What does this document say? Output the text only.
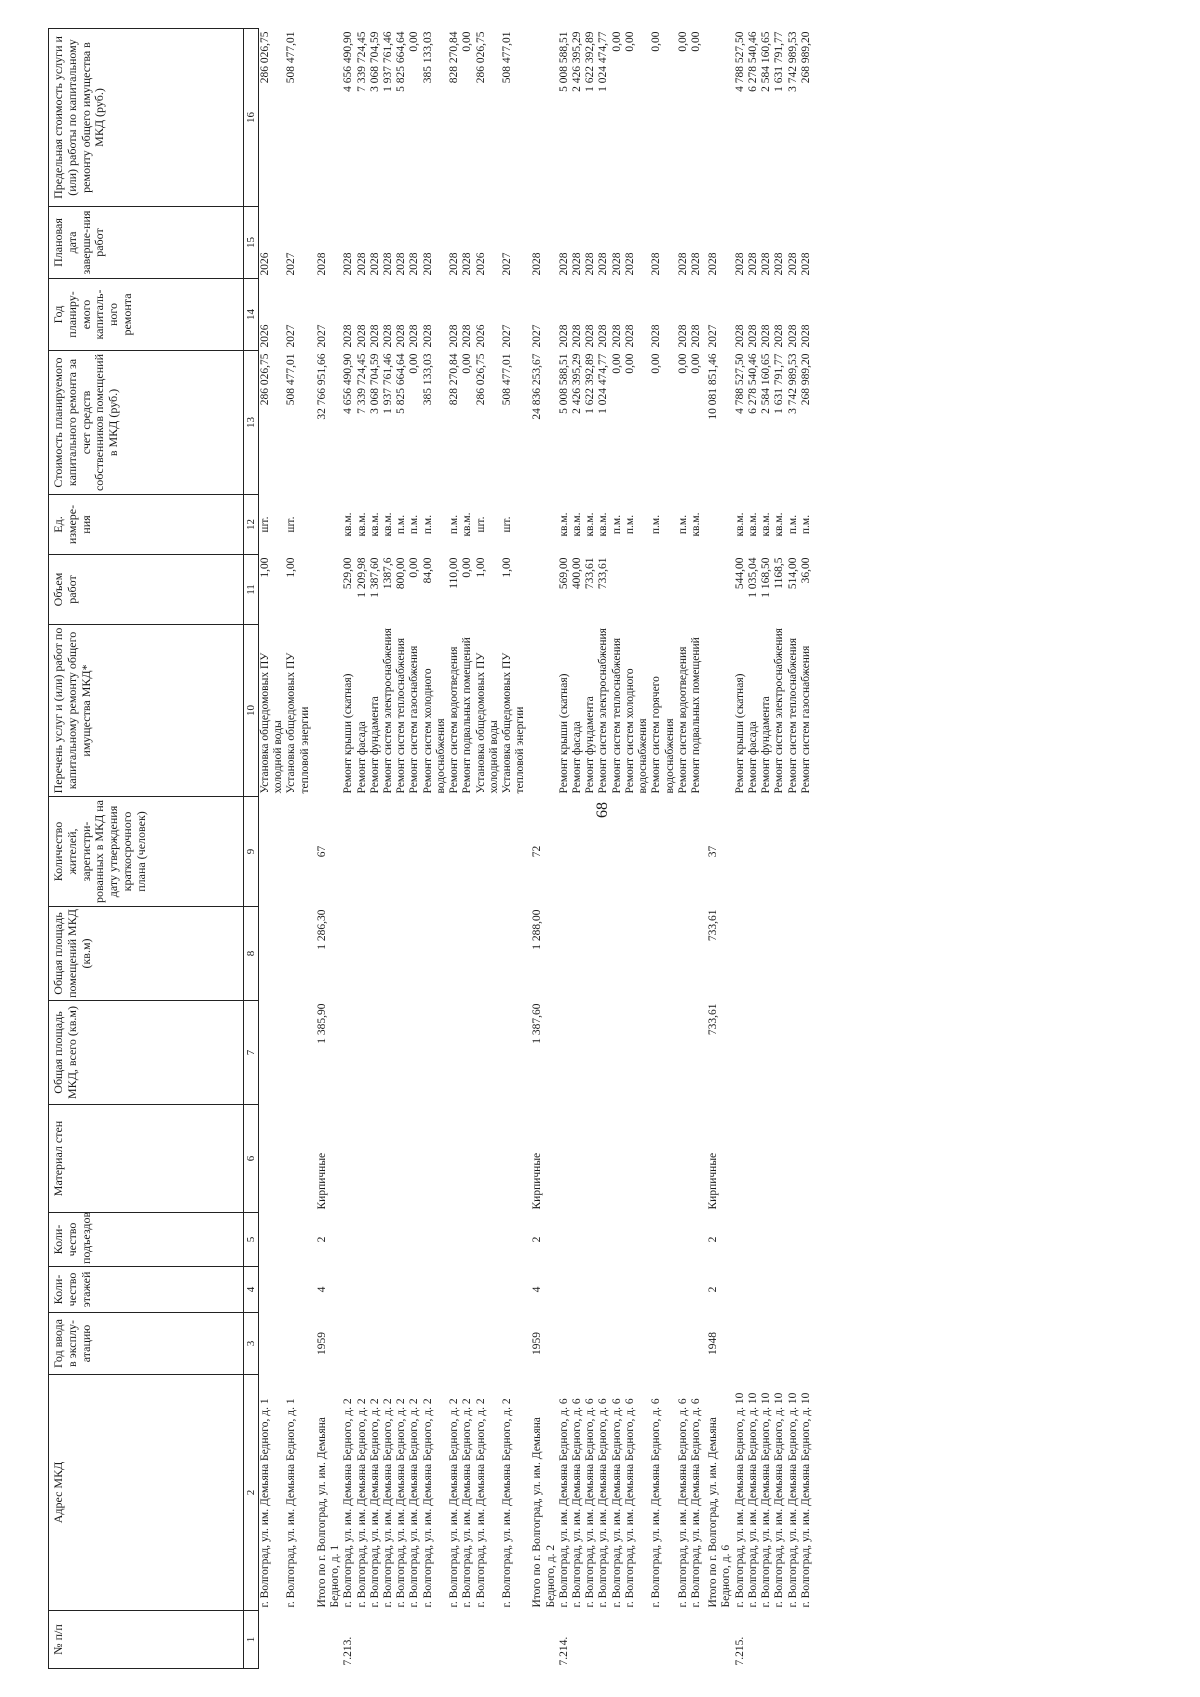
68
№ п/п	Адрес МКД	Год ввода в эксплу-атацию	Коли-чество этажей	Коли-чество подъездов	Материал стен	Общая площадь МКД, всего (кв.м)	Общая площадь помещений МКД (кв.м)	Количество жителей, зарегистри-рованных в МКД на дату утверждения краткосрочного плана (человек)	Перечень услуг и (или) работ по капитальному ремонту общего имущества МКД*	Объем работ	Ед. измере-ния	Стоимость планируемого капитального ремонта за счет средств собственников помещений в МКД (руб.)	Год планиру-емого капиталь-ного ремонта	Плановая дата заверше-ния работ	Предельная стоимость услуги и (или) работы по капитальному ремонту общего имущества в МКД (руб.)
1	2	3	4	5	6	7	8	9	10	11	12	13	14	15	16
	г. Волгоград, ул. им. Демьяна Бедного, д. 1								Установка общедомовых ПУ холодной воды	1,00	шт.	286 026,75	2026	2026	286 026,75
	г. Волгоград, ул. им. Демьяна Бедного, д. 1								Установка общедомовых ПУ тепловой энергии	1,00	шт.	508 477,01	2027	2027	508 477,01
	Итого по г. Волгоград, ул. им. Демьяна Бедного, д. 1	1959	4	2	Кирпичные	1 385,90	1 286,30	67				32 766 951,66	2027	2028	
7.213.	г. Волгоград, ул. им. Демьяна Бедного, д. 2								Ремонт крыши (скатная)	529,00	кв.м.	4 656 490,90	2028	2028	4 656 490,90
	г. Волгоград, ул. им. Демьяна Бедного, д. 2								Ремонт фасада	1 209,98	кв.м.	7 339 724,45	2028	2028	7 339 724,45
	г. Волгоград, ул. им. Демьяна Бедного, д. 2								Ремонт фундамента	1 387,60	кв.м.	3 068 704,59	2028	2028	3 068 704,59
	г. Волгоград, ул. им. Демьяна Бедного, д. 2								Ремонт систем электроснабжения	1387,6	кв.м.	1 937 761,46	2028	2028	1 937 761,46
	г. Волгоград, ул. им. Демьяна Бедного, д. 2								Ремонт систем теплоснабжения	800,00	п.м.	5 825 664,64	2028	2028	5 825 664,64
	г. Волгоград, ул. им. Демьяна Бедного, д. 2								Ремонт систем газоснабжения	0,00	п.м.	0,00	2028	2028	0,00
	г. Волгоград, ул. им. Демьяна Бедного, д. 2								Ремонт систем холодного водоснабжения	84,00	п.м.	385 133,03	2028	2028	385 133,03
	г. Волгоград, ул. им. Демьяна Бедного, д. 2								Ремонт систем водоотведения	110,00	п.м.	828 270,84	2028	2028	828 270,84
	г. Волгоград, ул. им. Демьяна Бедного, д. 2								Ремонт подвальных помещений	0,00	кв.м.	0,00	2028	2028	0,00
	г. Волгоград, ул. им. Демьяна Бедного, д. 2								Установка общедомовых ПУ холодной воды	1,00	шт.	286 026,75	2026	2026	286 026,75
	г. Волгоград, ул. им. Демьяна Бедного, д. 2								Установка общедомовых ПУ тепловой энергии	1,00	шт.	508 477,01	2027	2027	508 477,01
	Итого по г. Волгоград, ул. им. Демьяна Бедного, д. 2	1959	4	2	Кирпичные	1 387,60	1 288,00	72				24 836 253,67	2027	2028	
7.214.	г. Волгоград, ул. им. Демьяна Бедного, д. 6								Ремонт крыши (скатная)	569,00	кв.м.	5 008 588,51	2028	2028	5 008 588,51
	г. Волгоград, ул. им. Демьяна Бедного, д. 6								Ремонт фасада	400,00	кв.м.	2 426 395,29	2028	2028	2 426 395,29
	г. Волгоград, ул. им. Демьяна Бедного, д. 6								Ремонт фундамента	733,61	кв.м.	1 622 392,89	2028	2028	1 622 392,89
	г. Волгоград, ул. им. Демьяна Бедного, д. 6								Ремонт систем электроснабжения	733,61	кв.м.	1 024 474,77	2028	2028	1 024 474,77
	г. Волгоград, ул. им. Демьяна Бедного, д. 6								Ремонт систем теплоснабжения		п.м.	0,00	2028	2028	0,00
	г. Волгоград, ул. им. Демьяна Бедного, д. 6								Ремонт систем холодного водоснабжения		п.м.	0,00	2028	2028	0,00
	г. Волгоград, ул. им. Демьяна Бедного, д. 6								Ремонт систем горячего водоснабжения		п.м.	0,00	2028	2028	0,00
	г. Волгоград, ул. им. Демьяна Бедного, д. 6								Ремонт систем водоотведения		п.м.	0,00	2028	2028	0,00
	г. Волгоград, ул. им. Демьяна Бедного, д. 6								Ремонт подвальных помещений		кв.м.	0,00	2028	2028	0,00
	Итого по г. Волгоград, ул. им. Демьяна Бедного, д. 6	1948	2	2	Кирпичные	733,61	733,61	37				10 081 851,46	2027	2028	
7.215.	г. Волгоград, ул. им. Демьяна Бедного, д. 10								Ремонт крыши (скатная)	544,00	кв.м.	4 788 527,50	2028	2028	4 788 527,50
	г. Волгоград, ул. им. Демьяна Бедного, д. 10								Ремонт фасада	1 035,04	кв.м.	6 278 540,46	2028	2028	6 278 540,46
	г. Волгоград, ул. им. Демьяна Бедного, д. 10								Ремонт фундамента	1 168,50	кв.м.	2 584 160,65	2028	2028	2 584 160,65
	г. Волгоград, ул. им. Демьяна Бедного, д. 10								Ремонт систем электроснабжения	1168,5	кв.м.	1 631 791,77	2028	2028	1 631 791,77
	г. Волгоград, ул. им. Демьяна Бедного, д. 10								Ремонт систем теплоснабжения	514,00	п.м.	3 742 989,53	2028	2028	3 742 989,53
	г. Волгоград, ул. им. Демьяна Бедного, д. 10								Ремонт систем газоснабжения	36,00	п.м.	268 989,20	2028	2028	268 989,20
